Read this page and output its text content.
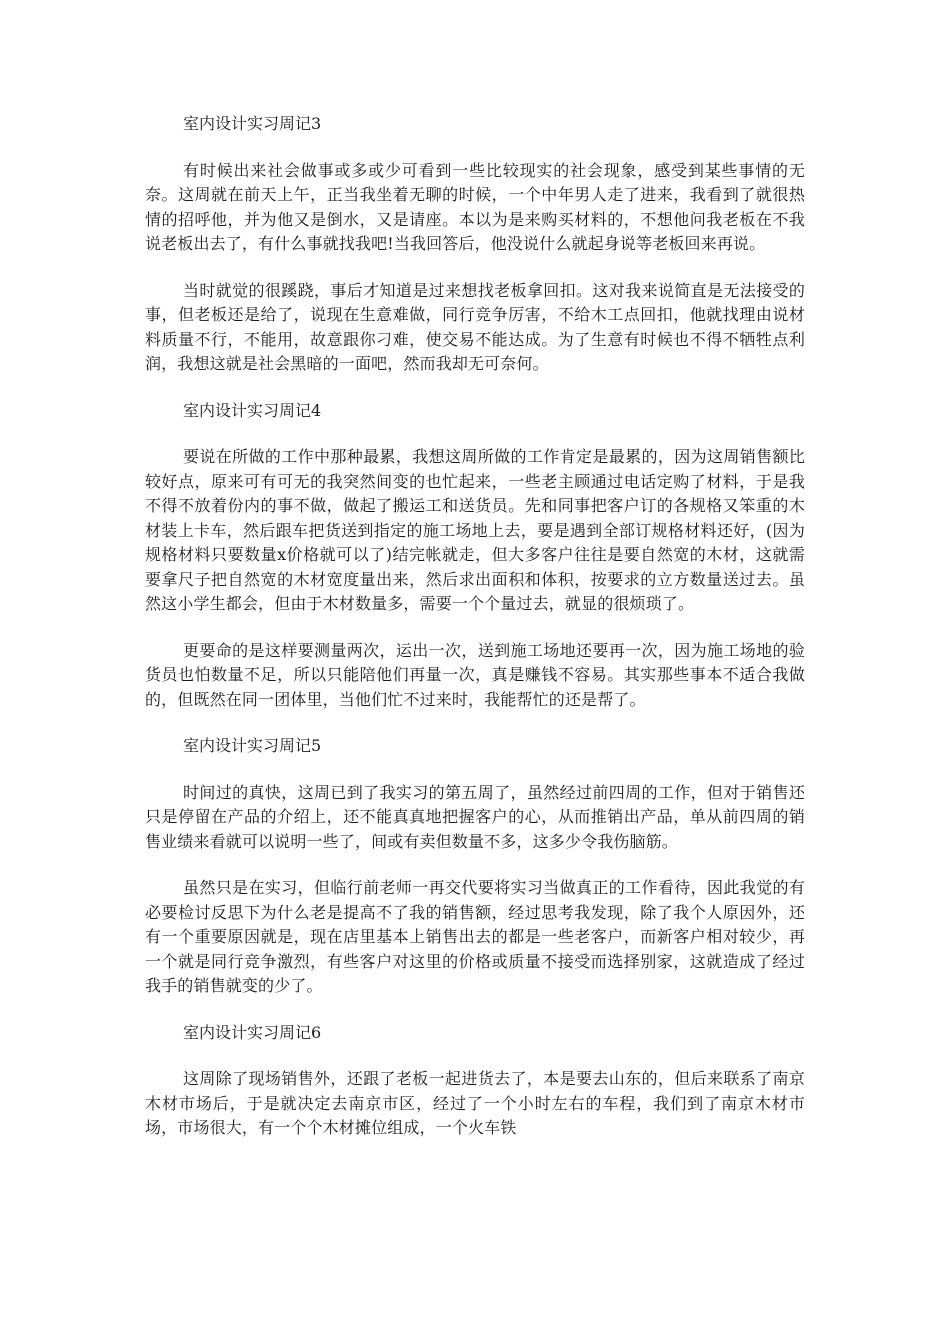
室内设计实习周记3

有时候出来社会做事或多或少可看到一些比较现实的社会现象，感受到某些事情的无奈。这周就在前天上午，正当我坐着无聊的时候，一个中年男人走了进来，我看到了就很热情的招呼他，并为他又是倒水，又是请座。本以为是来购买材料的，不想他问我老板在不我说老板出去了，有什么事就找我吧!当我回答后，他没说什么就起身说等老板回来再说。

当时就觉的很蹊跷，事后才知道是过来想找老板拿回扣。这对我来说简直是无法接受的事，但老板还是给了，说现在生意难做，同行竞争厉害，不给木工点回扣，他就找理由说材料质量不行，不能用，故意跟你刁难，使交易不能达成。为了生意有时候也不得不牺牲点利润，我想这就是社会黑暗的一面吧，然而我却无可奈何。

室内设计实习周记4

要说在所做的工作中那种最累，我想这周所做的工作肯定是最累的，因为这周销售额比较好点，原来可有可无的我突然间变的也忙起来，一些老主顾通过电话定购了材料，于是我不得不放着份内的事不做，做起了搬运工和送货员。先和同事把客户订的各规格又笨重的木材装上卡车，然后跟车把货送到指定的施工场地上去，要是遇到全部订规格材料还好，(因为规格材料只要数量x价格就可以了)结完帐就走，但大多客户往往是要自然宽的木材，这就需要拿尺子把自然宽的木材宽度量出来，然后求出面积和体积，按要求的立方数量送过去。虽然这小学生都会，但由于木材数量多，需要一个个量过去，就显的很烦琐了。

更要命的是这样要测量两次，运出一次，送到施工场地还要再一次，因为施工场地的验货员也怕数量不足，所以只能陪他们再量一次，真是赚钱不容易。其实那些事本不适合我做的，但既然在同一团体里，当他们忙不过来时，我能帮忙的还是帮了。

室内设计实习周记5

时间过的真快，这周已到了我实习的第五周了，虽然经过前四周的工作，但对于销售还只是停留在产品的介绍上，还不能真真地把握客户的心，从而推销出产品，单从前四周的销售业绩来看就可以说明一些了，间或有卖但数量不多，这多少令我伤脑筋。

虽然只是在实习，但临行前老师一再交代要将实习当做真正的工作看待，因此我觉的有必要检讨反思下为什么老是提高不了我的销售额，经过思考我发现，除了我个人原因外，还有一个重要原因就是，现在店里基本上销售出去的都是一些老客户，而新客户相对较少，再一个就是同行竞争激烈，有些客户对这里的价格或质量不接受而选择别家，这就造成了经过我手的销售就变的少了。

室内设计实习周记6

这周除了现场销售外，还跟了老板一起进货去了，本是要去山东的，但后来联系了南京木材市场后，于是就决定去南京市区，经过了一个小时左右的车程，我们到了南京木材市场，市场很大，有一个个木材摊位组成，一个火车铁
